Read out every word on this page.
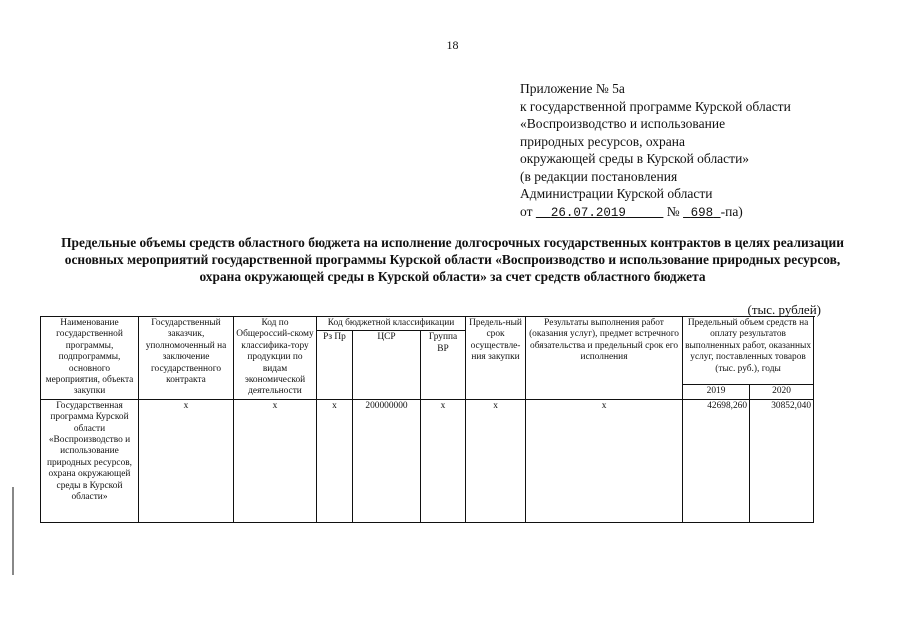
18
Приложение № 5а
к государственной программе Курской области
«Воспроизводство и использование
природных ресурсов, охрана
окружающей среды в Курской области»
(в редакции постановления
Администрации Курской области
от 26.07.2019	№ 698 -па)
Предельные объемы средств областного бюджета на исполнение долгосрочных государственных контрактов в целях реализации основных мероприятий государственной программы Курской области «Воспроизводство и использование природных ресурсов, охрана окружающей среды в Курской области» за счет средств областного бюджета
(тыс. рублей)
Наименование государственной программы, подпрограммы, основного мероприятия, объекта закупки	Государственный заказчик, уполномоченный на заключение государственного контракта	Код по Общероссий-скому классифика-тору продукции по видам экономической деятельности	Код бюджетной классификации			Предель-ный срок осуществле-ния закупки	Результаты выполнения работ (оказания услуг), предмет встречного обязательства и предельный срок его исполнения	Предельный объем средств на оплату результатов выполненных работ, оказанных услуг, поставленных товаров (тыс. руб.), годы		
			Рз Пр	ЦСР	Группа ВР					
								2019	2020	
Государственная программа Курской области «Воспроизводство и использование природных ресурсов, охрана окружающей среды в Курской области»	х	х	х	200000000	х	х	х	42698,260	30852,040	
